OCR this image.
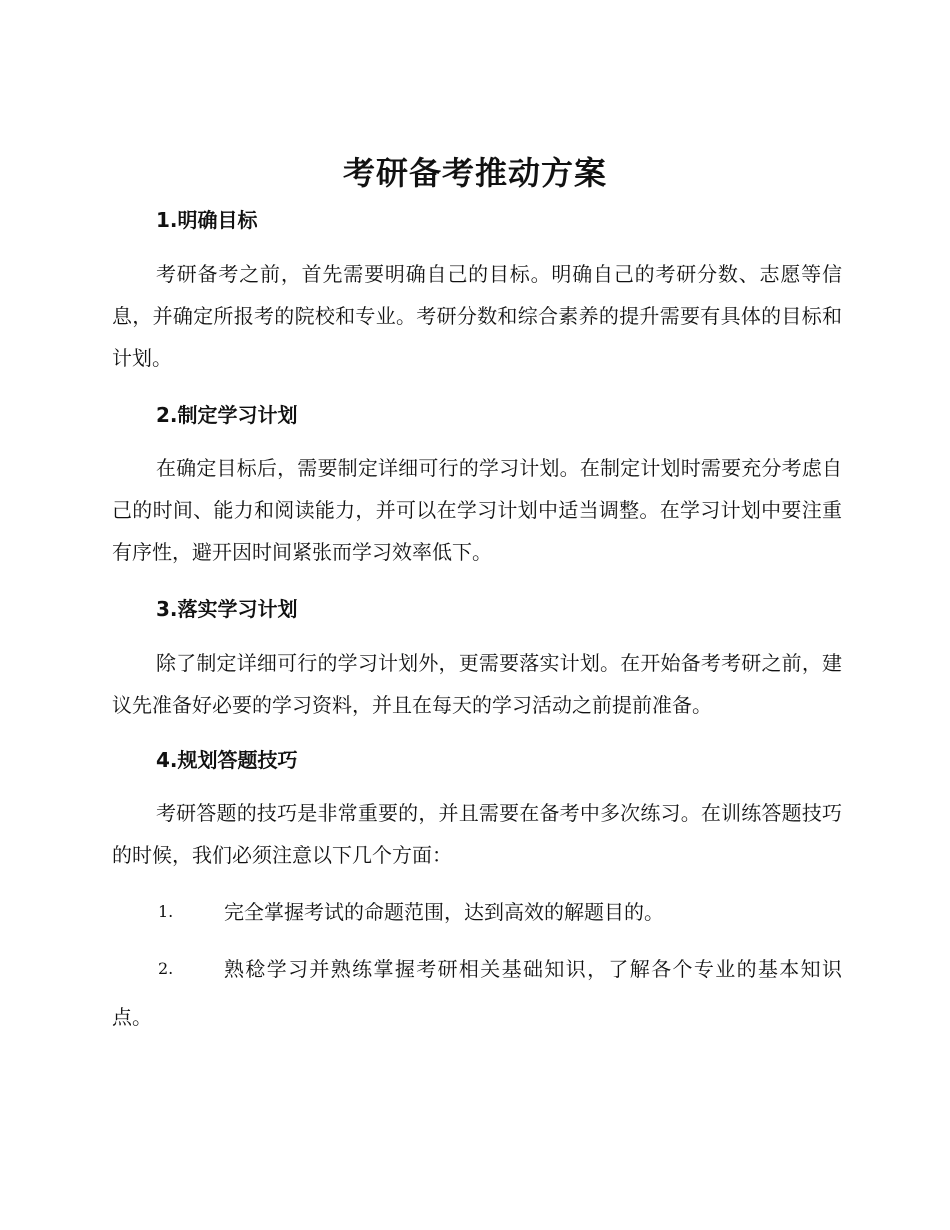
考研备考推动方案
1.明确目标
考研备考之前，首先需要明确自己的目标。明确自己的考研分数、志愿等信息，并确定所报考的院校和专业。考研分数和综合素养的提升需要有具体的目标和计划。
2.制定学习计划
在确定目标后，需要制定详细可行的学习计划。在制定计划时需要充分考虑自己的时间、能力和阅读能力，并可以在学习计划中适当调整。在学习计划中要注重有序性，避开因时间紧张而学习效率低下。
3.落实学习计划
除了制定详细可行的学习计划外，更需要落实计划。在开始备考考研之前，建议先准备好必要的学习资料，并且在每天的学习活动之前提前准备。
4.规划答题技巧
考研答题的技巧是非常重要的，并且需要在备考中多次练习。在训练答题技巧的时候，我们必须注意以下几个方面：
1.	完全掌握考试的命题范围，达到高效的解题目的。
2.	熟稔学习并熟练掌握考研相关基础知识，了解各个专业的基本知识点。
